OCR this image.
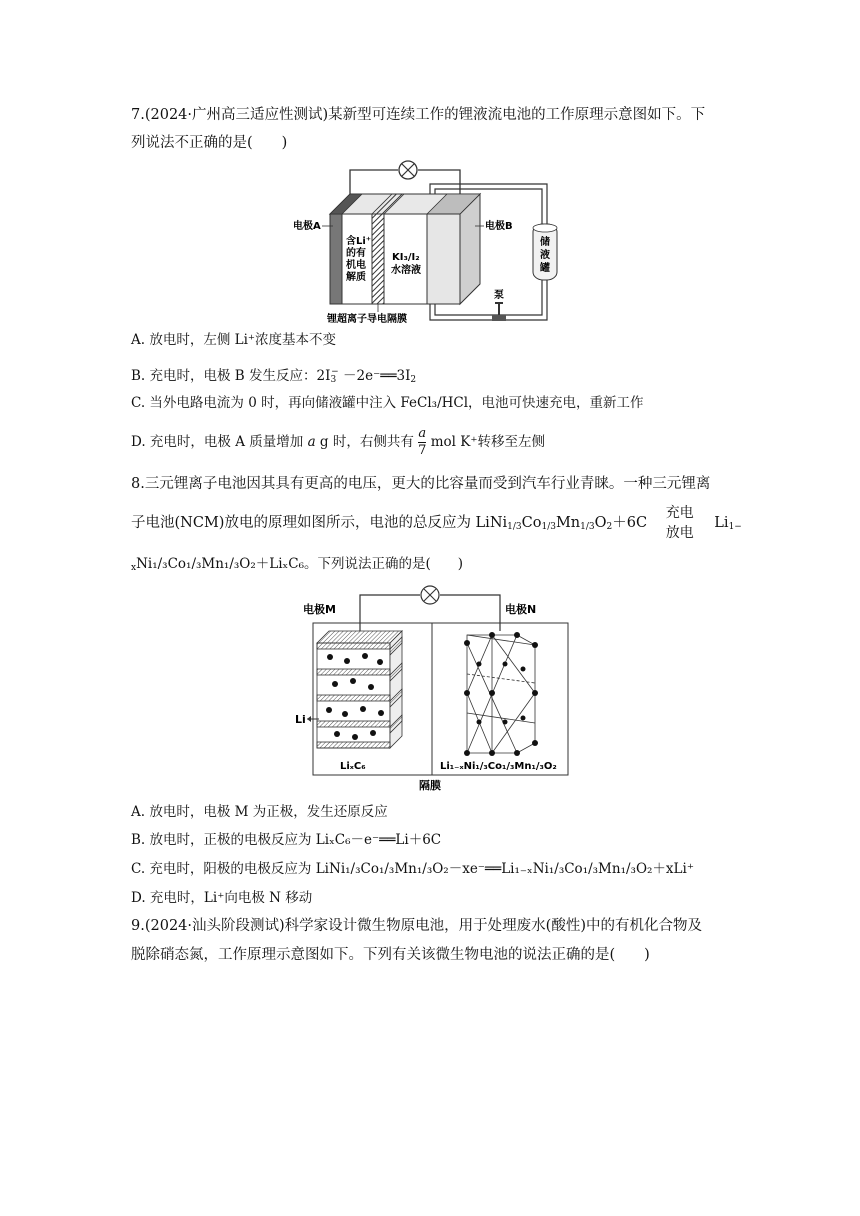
7.(2024·广州高三适应性测试)某新型可连续工作的锂液流电池的工作原理示意图如下。下
列说法不正确的是(　　)
电极A	电极B
含Li⁺
的有
机电
解质
KI₃/I₂
水溶液
储
液
罐
泵
锂超离子导电隔膜
A. 放电时，左侧 Li⁺浓度基本不变
B. 充电时，电极 B 发生反应：$2I_3^-$ $-2e^-══3I_2$
C. 当外电路电流为 0 时，再向储液罐中注入 FeCl₃/HCl，电池可快速充电，重新工作
D. 充电时，电极 A 质量增加 a g 时，右侧共有 $\frac{a}{7}$ mol K⁺转移至左侧
8.三元锂离子电池因其具有更高的电压，更大的比容量而受到汽车行业青睐。一种三元锂离
子电池(NCM)放电的原理如图所示，电池的总反应为 $LiNi_{1/3}Co_{1/3}Mn_{1/3}O_2+6C$
充电
放电
$Li_{1-}$
$_x$Ni₁/₃Co₁/₃Mn₁/₃O₂＋LiₓC₆。下列说法正确的是(　　)
电极M	电极N
Li
LiₓC₆	Li₁₋ₓNi₁/₃Co₁/₃Mn₁/₃O₂
隔膜
A. 放电时，电极 M 为正极，发生还原反应
B. 放电时，正极的电极反应为 LiₓC₆－e⁻══Li＋6C
C. 充电时，阳极的电极反应为 LiNi₁/₃Co₁/₃Mn₁/₃O₂－xe⁻══Li₁₋ₓNi₁/₃Co₁/₃Mn₁/₃O₂＋xLi⁺
D. 充电时，Li⁺向电极 N 移动
9.(2024·汕头阶段测试)科学家设计微生物原电池，用于处理废水(酸性)中的有机化合物及
脱除硝态氮，工作原理示意图如下。下列有关该微生物电池的说法正确的是(　　)
